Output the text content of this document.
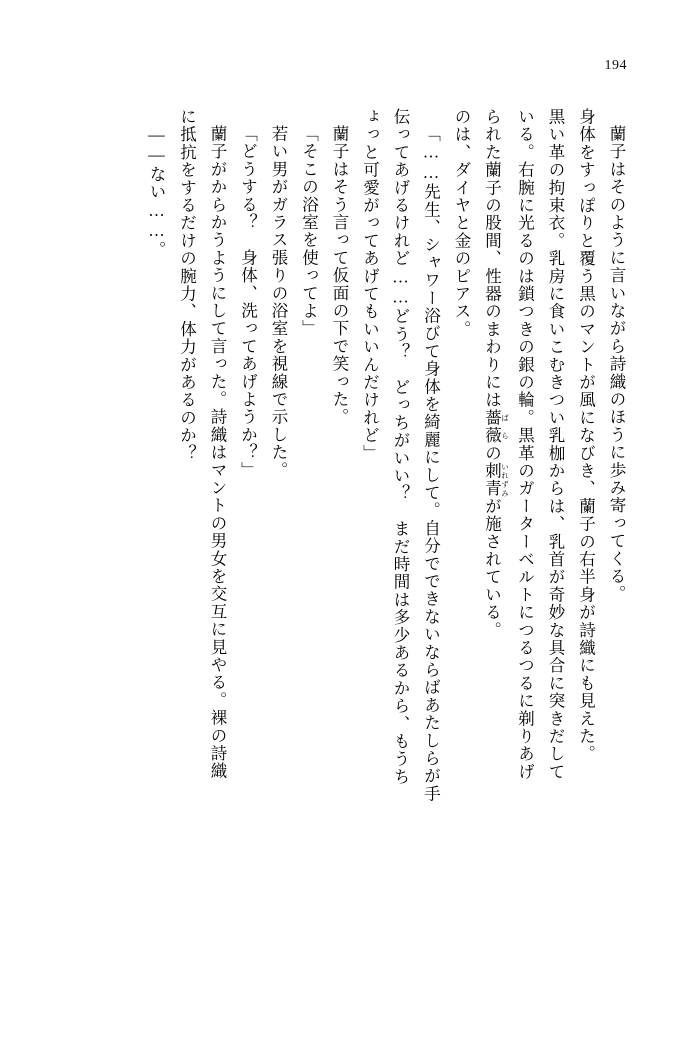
194

蘭子はそのように言いながら詩織のほうに歩み寄ってくる。

身体をすっぽりと覆う黒のマントが風になびき、蘭子の右半身が詩織にも見えた。

黒い革の拘束衣。乳房に食いこむきつい乳枷からは、乳首が奇妙な具合に突きだして

いる。右腕に光るのは鎖つきの銀の輪。黒革のガーターベルトにつるつるに剃りあげ

られた蘭子の股間、性器のまわりには薔薇 ばらの刺青 いれずみが施されている。

のは、ダイヤと金のピアス。

「……先生、シャワー浴びて身体を綺麗にして。自分でできないならばあたしらが手

伝ってあげるけれど……どう？　どっちがいい？　まだ時間は多少あるから、もうち

ょっと可愛がってあげてもいいんだけれど」

蘭子はそう言って仮面の下で笑った。

「そこの浴室を使ってよ」

若い男がガラス張りの浴室を視線で示した。

「どうする？　身体、洗ってあげようか？」

蘭子がからかうようにして言った。詩織はマントの男女を交互に見やる。裸の詩織

に抵抗をするだけの腕力、体力があるのか？

――ない……。
